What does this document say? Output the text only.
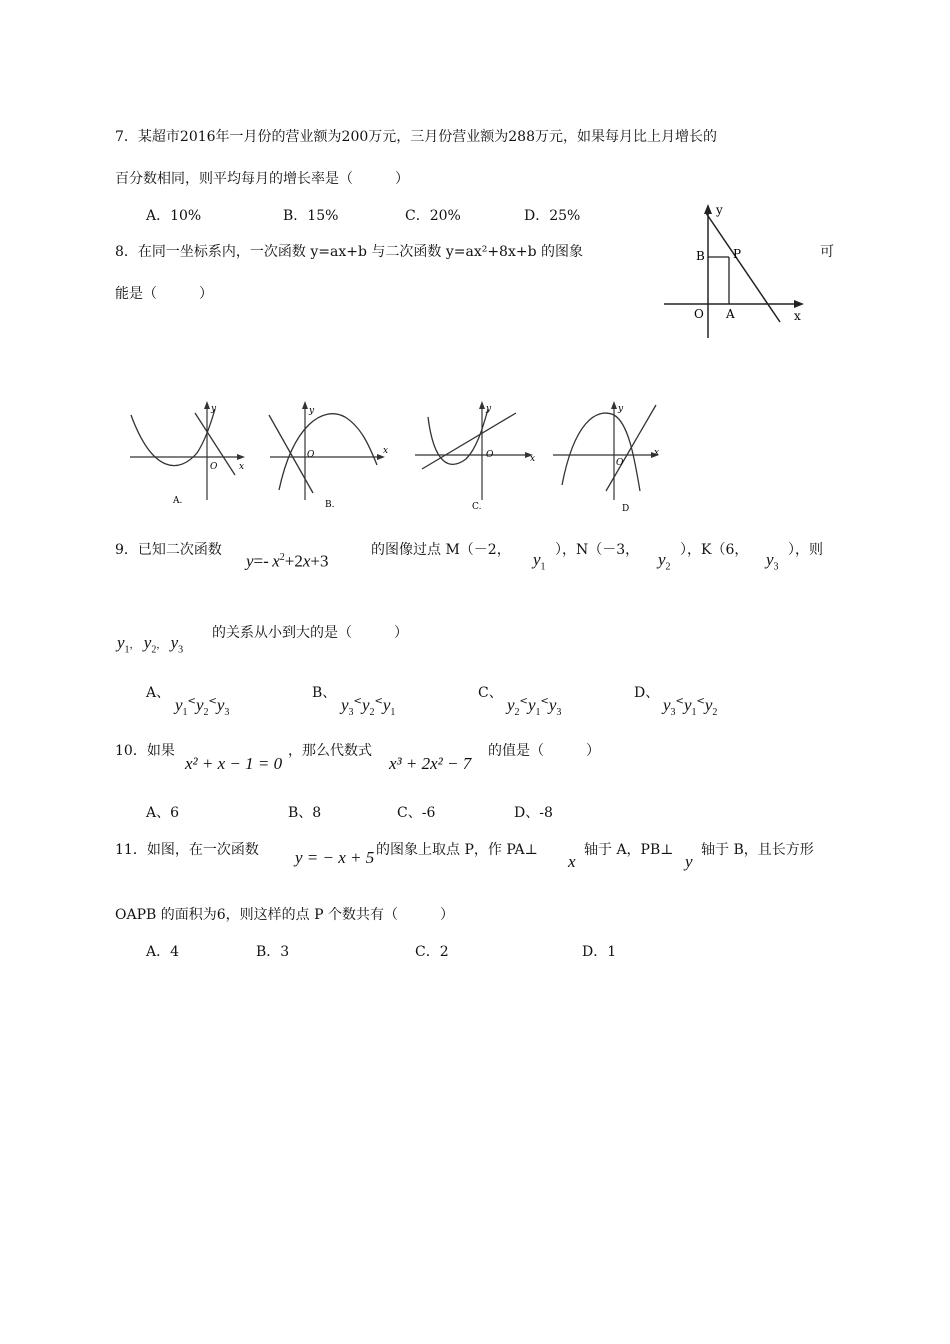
7．某超市2016年一月份的营业额为200万元，三月份营业额为288万元，如果每月比上月增长的
百分数相同，则平均每月的增长率是（　　　）
A．10%	B．15%	C．20%	D．25%
8．在同一坐标系内，一次函数 y=ax+b 与二次函数 y=ax²+8x+b 的图象	可
能是（　　　）
y
B P
O A	x
y
O x
A.
y
O	x
B.
y
O	x
C.
y
O
x
D
9．已知二次函数
y=-  $x^2+2x+3$
的图像过点 M（－2， $y_1$
），N（－3， $y_2$
），K（6， $y_3$
），则
$y_1$， $y_2$， $y_3$
的关系从小到大的是（　　　）
A、
$y_1^<y_2^<y_3$
B、
$y_3^<y_2^<y_1$
C、
$y_2^<y_1^<y_3$
D、
$y_3^<y_1^<y_2$
10．如果
x² + x − 1 = 0
，那么代数式
x³ + 2x² − 7
的值是（　　　）
A、6	B、8	C、-6	D、-8
11．如图，在一次函数 y = − x + 5 的图象上取点 P，作 PA⊥
x
轴于 A，PB⊥
y
轴于 B，且长方形
OAPB 的面积为6，则这样的点 P 个数共有（　　　）
A．4	B．3	C．2	D．1
